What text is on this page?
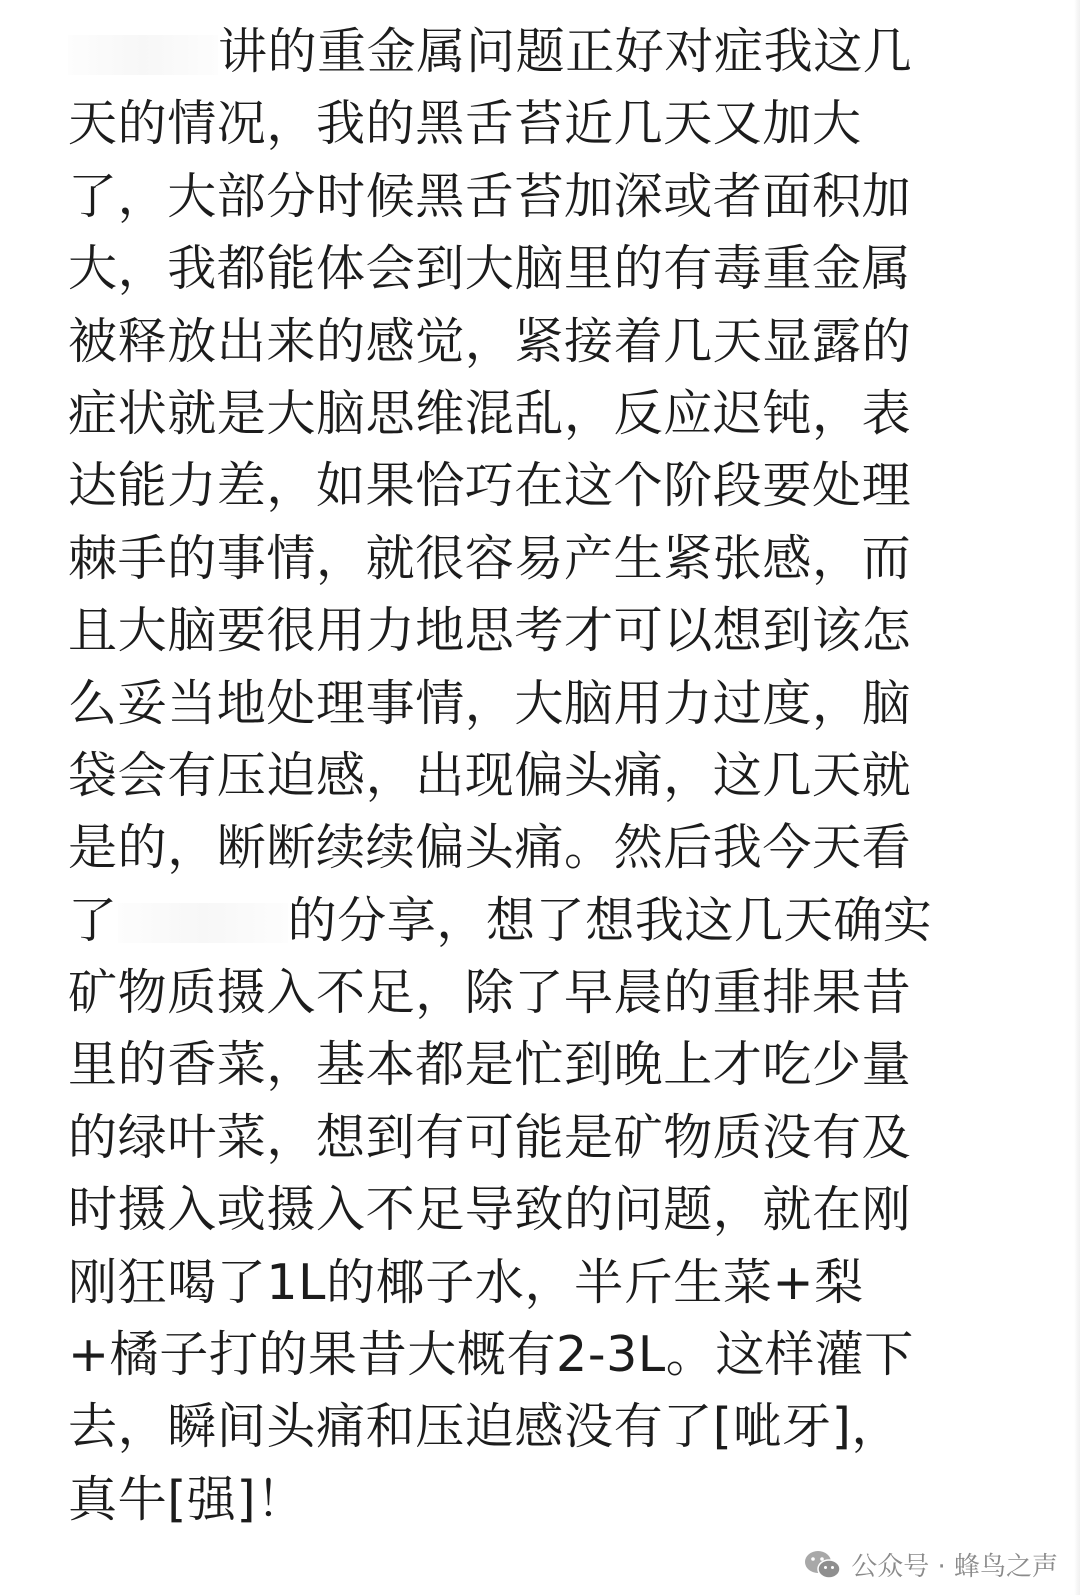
讲的重金属问题正好对症我这几
天的情况，我的黑舌苔近几天又加大
了，大部分时候黑舌苔加深或者面积加
大，我都能体会到大脑里的有毒重金属
被释放出来的感觉，紧接着几天显露的
症状就是大脑思维混乱，反应迟钝，表
达能力差，如果恰巧在这个阶段要处理
棘手的事情，就很容易产生紧张感，而
且大脑要很用力地思考才可以想到该怎
么妥当地处理事情，大脑用力过度，脑
袋会有压迫感，出现偏头痛，这几天就
是的，断断续续偏头痛。然后我今天看
了	的分享，想了想我这几天确实
矿物质摄入不足，除了早晨的重排果昔
里的香菜，基本都是忙到晚上才吃少量
的绿叶菜，想到有可能是矿物质没有及
时摄入或摄入不足导致的问题，就在刚
刚狂喝了1L的椰子水，半斤生菜+梨
+橘子打的果昔大概有2-3L。这样灌下
去，瞬间头痛和压迫感没有了[呲牙]，
真牛[强]！
公众号 · 蜂鸟之声
